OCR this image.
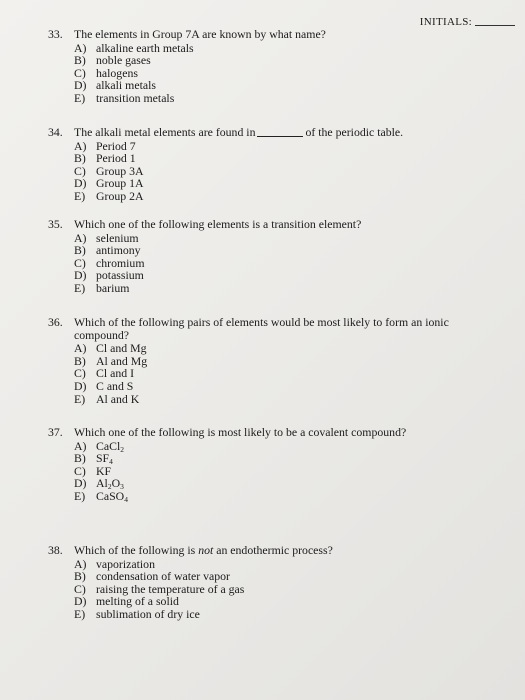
INITIALS:
33. The elements in Group 7A are known by what name?
A) alkaline earth metals
B) noble gases
C) halogens
D) alkali metals
E) transition metals
34. The alkali metal elements are found in	of the periodic table.
A) Period 7
B) Period 1
C) Group 3A
D) Group 1A
E) Group 2A
35. Which one of the following elements is a transition element?
A) selenium
B) antimony
C) chromium
D) potassium
E) barium
36. Which of the following pairs of elements would be most likely to form an ionic
compound?
A) Cl and Mg
B) Al and Mg
C) Cl and I
D) C and S
E) Al and K
37. Which one of the following is most likely to be a covalent compound?
A) CaCl$_2$
B) $SF_4$
C) KF
D) $Al_2O_3$
E) CaSO$_4$
38. Which of the following is not an endothermic process?
A) vaporization
B) condensation of water vapor
C) raising the temperature of a gas
D) melting of a solid
E) sublimation of dry ice
